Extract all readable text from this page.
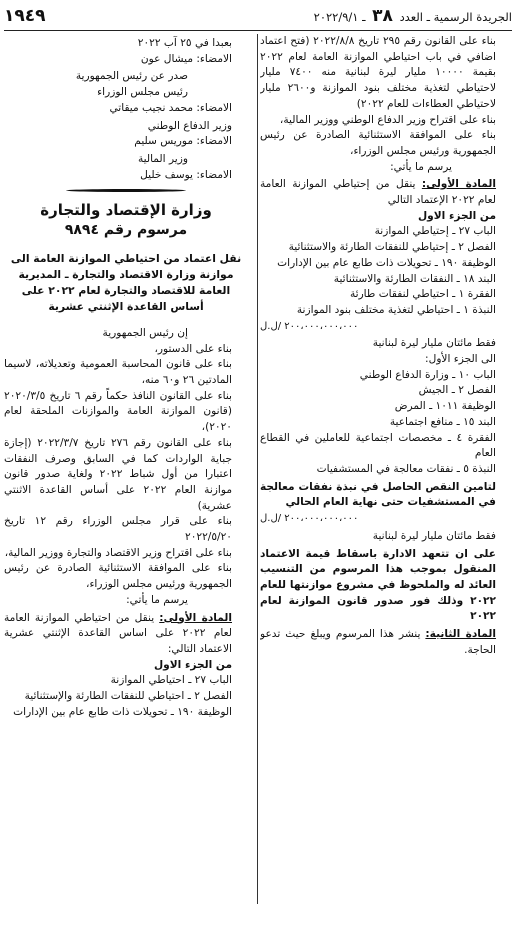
الجريدة الرسمية ـ العدد ٣٨ ـ ٢٠٢٢/٩/١
١٩٤٩

بناء على القانون رقم ٢٩٥ تاريخ ٢٠٢٢/٨/٨ (فتح اعتماد اضافي في باب احتياطي الموازنة العامة لعام ٢٠٢٢ بقيمة ١٠٠٠٠ مليار ليرة لبنانية منه ٧٤٠٠ مليار لاحتياطي لتغذية مختلف بنود الموازنة و٢٦٠٠ مليار لاحتياطي العطاءات للعام ٢٠٢٢)

بناء على اقتراح وزير الدفاع الوطني ووزير المالية،

بناء على الموافقة الاستثنائية الصادرة عن رئيس الجمهورية ورئيس مجلس الوزراء،

يرسم ما يأتي:

المادة الأولى: ينقل من إحتياطي الموازنة العامة لعام ٢٠٢٢ الإعتماد التالي

من الجزء الاول

الباب ٢٧ ـ إحتياطي الموازنة

الفصل ٢ ـ إحتياطي للنفقات الطارئة والاستثنائية

الوظيفة ١٩٠ ـ تحويلات ذات طابع عام بين الإدارات

البند ١٨ ـ النفقات الطارئة والاستثنائية

الفقرة ١ ـ احتياطي لنفقات طارئة

النبذة ١ ـ احتياطي لتغذية مختلف بنود الموازنة

٢٠٠،٠٠٠،٠٠٠،٠٠٠ /ل.ل

فقط مائتان مليار ليرة لبنانية

الى الجزء الأول:

الباب ١٠ ـ وزارة الدفاع الوطني

الفصل ٢ ـ الجيش

الوظيفة ١٠١١ ـ المرض

البند ١٥ ـ منافع اجتماعية

الفقرة ٤ ـ مخصصات اجتماعية للعاملين في القطاع العام

النبذة ٥ ـ نفقات معالجة في المستشفيات

لتامين النقص الحاصل في نبذة نفقات معالجة في المستشفيات حتى نهاية العام الحالي

٢٠٠،٠٠٠،٠٠٠،٠٠٠ /ل.ل

فقط مائتان مليار ليرة لبنانية

على ان تتعهد الادارة باسقاط قيمة الاعتماد المنقول بموجب هذا المرسوم من التنسيب العائد له والملحوظ في مشروع موازنتها للعام ٢٠٢٢ وذلك فور صدور قانون الموازنة لعام ٢٠٢٢

المادة الثانية: ينشر هذا المرسوم ويبلغ حيث تدعو الحاجة.

بعبدا في ٢٥ آب ٢٠٢٢

الامضاء: ميشال عون

صدر عن رئيس الجمهورية

رئيس مجلس الوزراء

الامضاء: محمد نجيب ميقاتي

وزير الدفاع الوطني

الامضاء: موريس سليم

وزير المالية

الامضاء: يوسف خليل

وزارة الإقتصاد والتجارة
مرسوم رقم ٩٨٩٤

نقل اعتماد من احتياطي الموازنة العامة الى موازنة وزارة الاقتصاد والتجارة ـ المديرية العامة للاقتصاد والتجارة لعام ٢٠٢٢ على أساس القاعدة الإثنتي عشرية

إن رئيس الجمهورية

بناء على الدستور،

بناء على قانون المحاسبة العمومية وتعديلاته، لاسيما المادتين ٢٦ و٦٠ منه،

بناء على القانون النافذ حكماً رقم ٦ تاريخ ٢٠٢٠/٣/٥ (قانون الموازنة العامة والموازنات الملحقة لعام ٢٠٢٠)،

بناء على القانون رقم ٢٧٦ تاريخ ٢٠٢٢/٣/٧ (إجازة جباية الواردات كما في السابق وصرف النفقات اعتبارا من أول شباط ٢٠٢٢ ولغاية صدور قانون موازنة العام ٢٠٢٢ على أساس القاعدة الاثنتي عشرية)

بناء على قرار مجلس الوزراء رقم ١٢ تاريخ ٢٠٢٢/٥/٢٠

بناء على اقتراح وزير الاقتصاد والتجارة ووزير المالية،

بناء على الموافقة الاستثنائية الصادرة عن رئيس الجمهورية ورئيس مجلس الوزراء،

يرسم ما يأتي:

المادة الأولى: ينقل من احتياطي الموازنة العامة لعام ٢٠٢٢ على اساس القاعدة الإثنتي عشرية الاعتماد التالي:

من الجزء الاول

الباب ٢٧ ـ احتياطي الموازنة

الفصل ٢ ـ احتياطي للنفقات الطارئة والإستثنائية

الوظيفة ١٩٠ ـ تحويلات ذات طابع عام بين الإدارات
